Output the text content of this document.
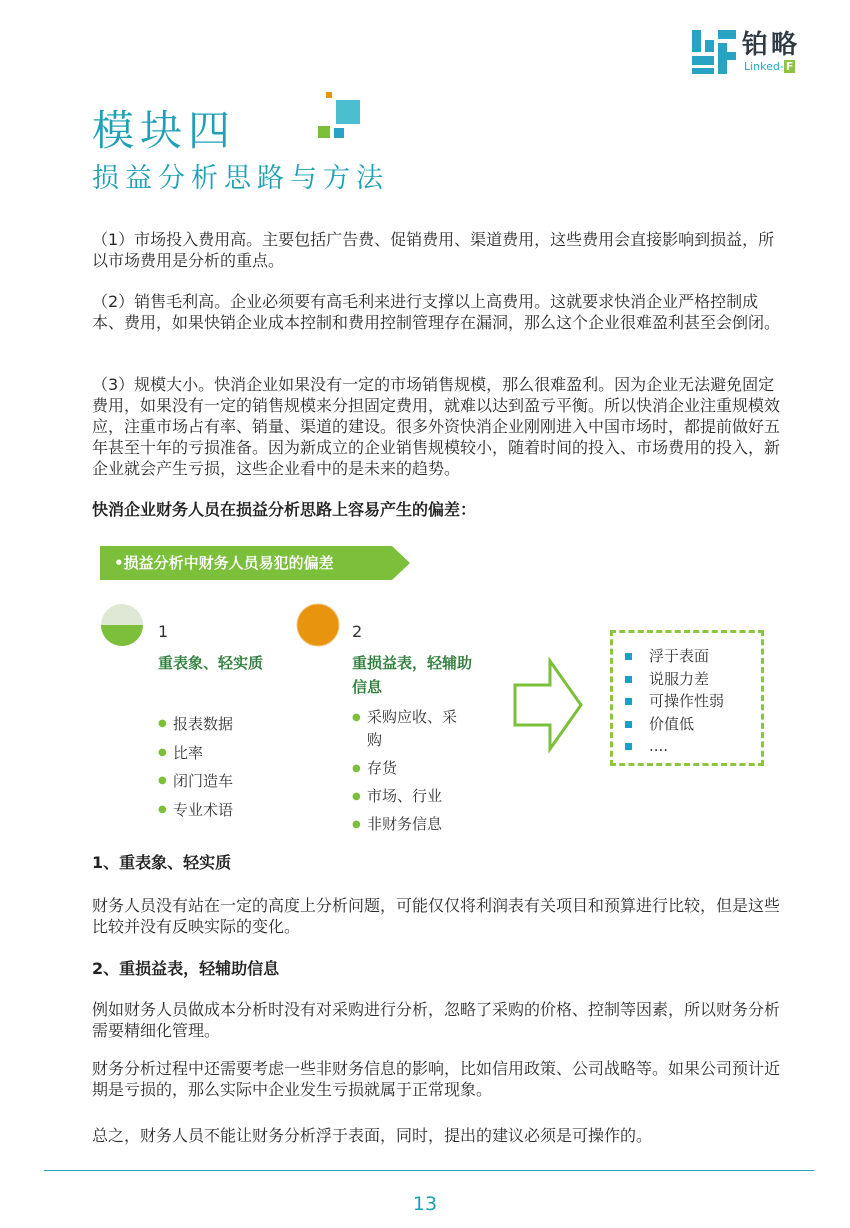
铂略
Linked- F
模块四
损益分析思路与方法

（1）市场投入费用高。主要包括广告费、促销费用、渠道费用，这些费用会直接影响到损益，所以市场费用是分析的重点。

（2）销售毛利高。企业必须要有高毛利来进行支撑以上高费用。这就要求快消企业严格控制成本、费用，如果快销企业成本控制和费用控制管理存在漏洞，那么这个企业很难盈利甚至会倒闭。

（3）规模大小。快消企业如果没有一定的市场销售规模，那么很难盈利。因为企业无法避免固定费用，如果没有一定的销售规模来分担固定费用，就难以达到盈亏平衡。所以快消企业注重规模效应，注重市场占有率、销量、渠道的建设。很多外资快消企业刚刚进入中国市场时，都提前做好五年甚至十年的亏损准备。因为新成立的企业销售规模较小，随着时间的投入、市场费用的投入，新企业就会产生亏损，这些企业看中的是未来的趋势。

快消企业财务人员在损益分析思路上容易产生的偏差：
•损益分析中财务人员易犯的偏差
1
重表象、轻实质
● 报表数据
● 比率
● 闭门造车
● 专业术语
2
重损益表，轻辅助信息
● 采购应收、采购
● 存货
● 市场、行业
● 非财务信息
浮于表面
说服力差
可操作性弱
价值低
....
1、重表象、轻实质

财务人员没有站在一定的高度上分析问题，可能仅仅将利润表有关项目和预算进行比较，但是这些比较并没有反映实际的变化。

2、重损益表，轻辅助信息

例如财务人员做成本分析时没有对采购进行分析，忽略了采购的价格、控制等因素，所以财务分析需要精细化管理。

财务分析过程中还需要考虑一些非财务信息的影响，比如信用政策、公司战略等。如果公司预计近期是亏损的，那么实际中企业发生亏损就属于正常现象。

总之，财务人员不能让财务分析浮于表面，同时，提出的建议必须是可操作的。

13
